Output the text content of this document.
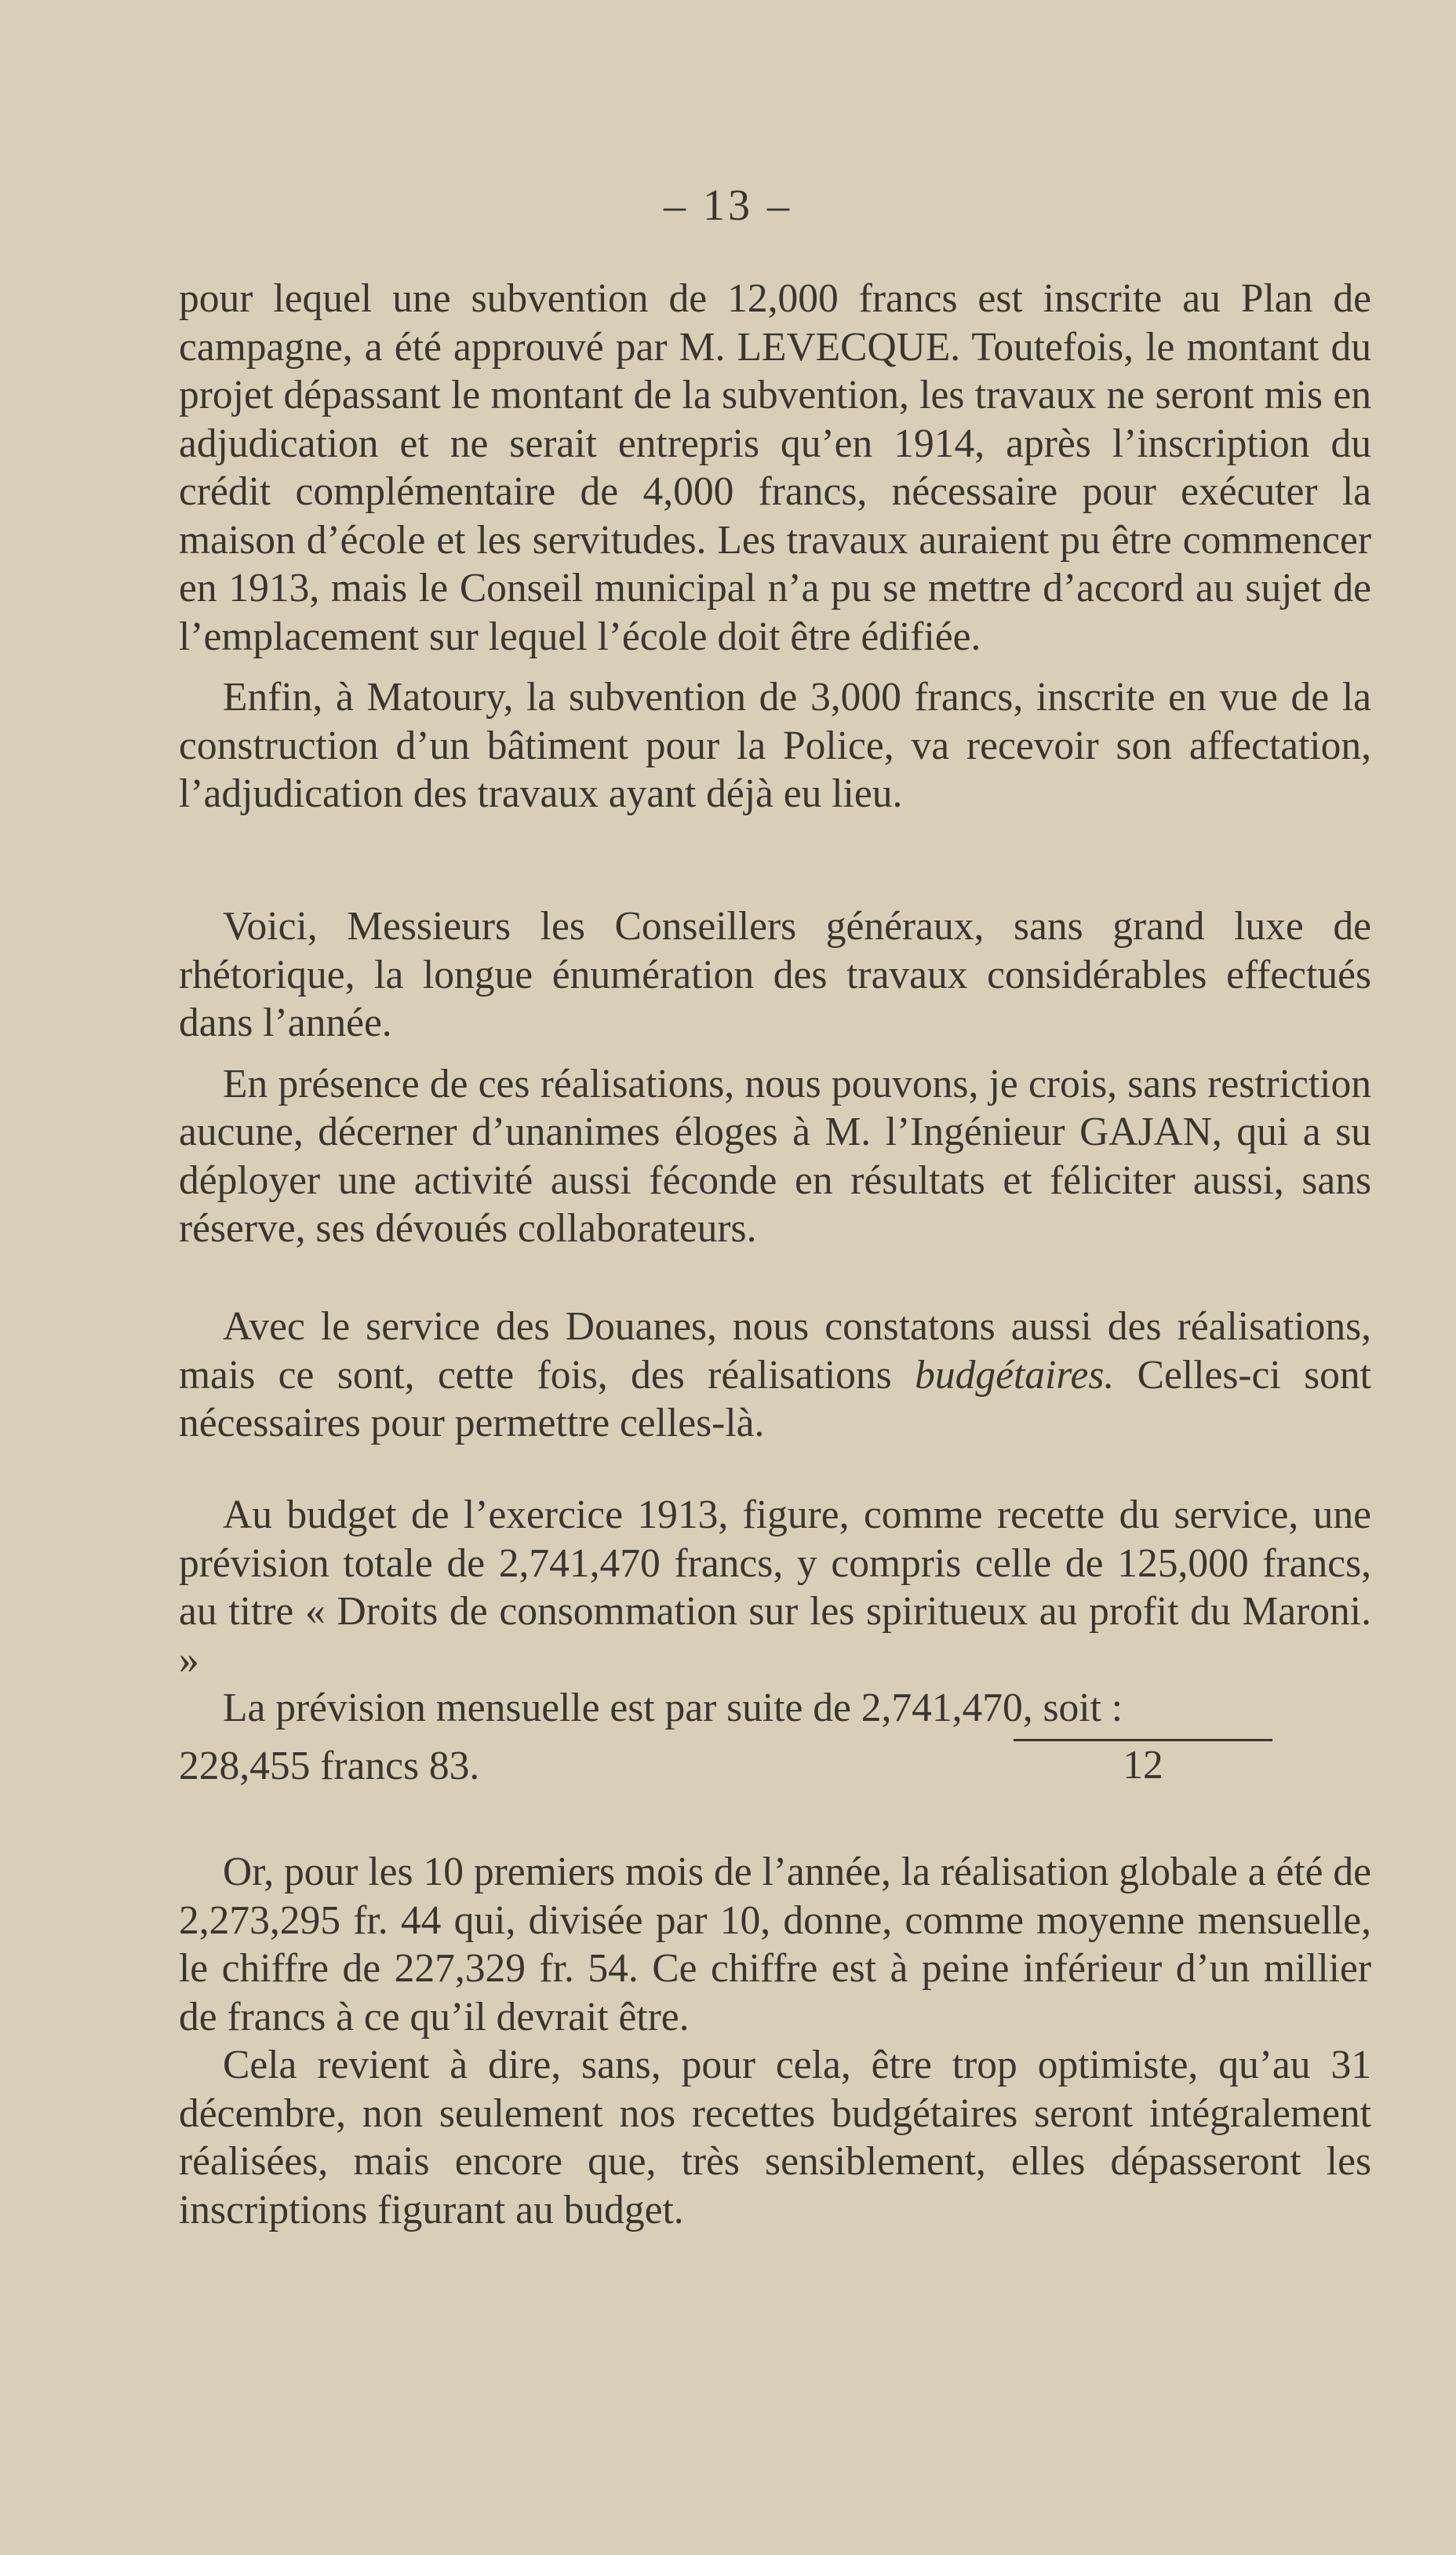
– 13 –

pour lequel une subvention de 12,000 francs est inscrite au Plan de campagne, a été approuvé par M. LEVECQUE. Toutefois, le montant du projet dépassant le montant de la subvention, les travaux ne seront mis en adjudication et ne serait entrepris qu’en 1914, après l’inscription du crédit complémentaire de 4,000 francs, nécessaire pour exécuter la maison d’école et les servitudes. Les travaux auraient pu être commencer en 1913, mais le Conseil municipal n’a pu se mettre d’accord au sujet de l’emplacement sur lequel l’école doit être édifiée.

Enfin, à Matoury, la subvention de 3,000 francs, inscrite en vue de la construction d’un bâtiment pour la Police, va recevoir son affectation, l’adjudication des travaux ayant déjà eu lieu.

Voici, Messieurs les Conseillers généraux, sans grand luxe de rhétorique, la longue énumération des travaux considérables effectués dans l’année.

En présence de ces réalisations, nous pouvons, je crois, sans restriction aucune, décerner d’unanimes éloges à M. l’Ingénieur GAJAN, qui a su déployer une activité aussi féconde en résultats et féliciter aussi, sans réserve, ses dévoués collaborateurs.

Avec le service des Douanes, nous constatons aussi des réalisations, mais ce sont, cette fois, des réalisations budgétaires. Celles-ci sont nécessaires pour permettre celles-là.

Au budget de l’exercice 1913, figure, comme recette du service, une prévision totale de 2,741,470 francs, y compris celle de 125,000 francs, au titre « Droits de consommation sur les spiritueux au profit du Maroni. »

La prévision mensuelle est par suite de 2,741,470, soit :

228,455 francs 83.	12

Or, pour les 10 premiers mois de l’année, la réalisation globale a été de 2,273,295 fr. 44 qui, divisée par 10, donne, comme moyenne mensuelle, le chiffre de 227,329 fr. 54. Ce chiffre est à peine inférieur d’un millier de francs à ce qu’il devrait être.

Cela revient à dire, sans, pour cela, être trop optimiste, qu’au 31 décembre, non seulement nos recettes budgétaires seront intégralement réalisées, mais encore que, très sensiblement, elles dépasseront les inscriptions figurant au budget.
